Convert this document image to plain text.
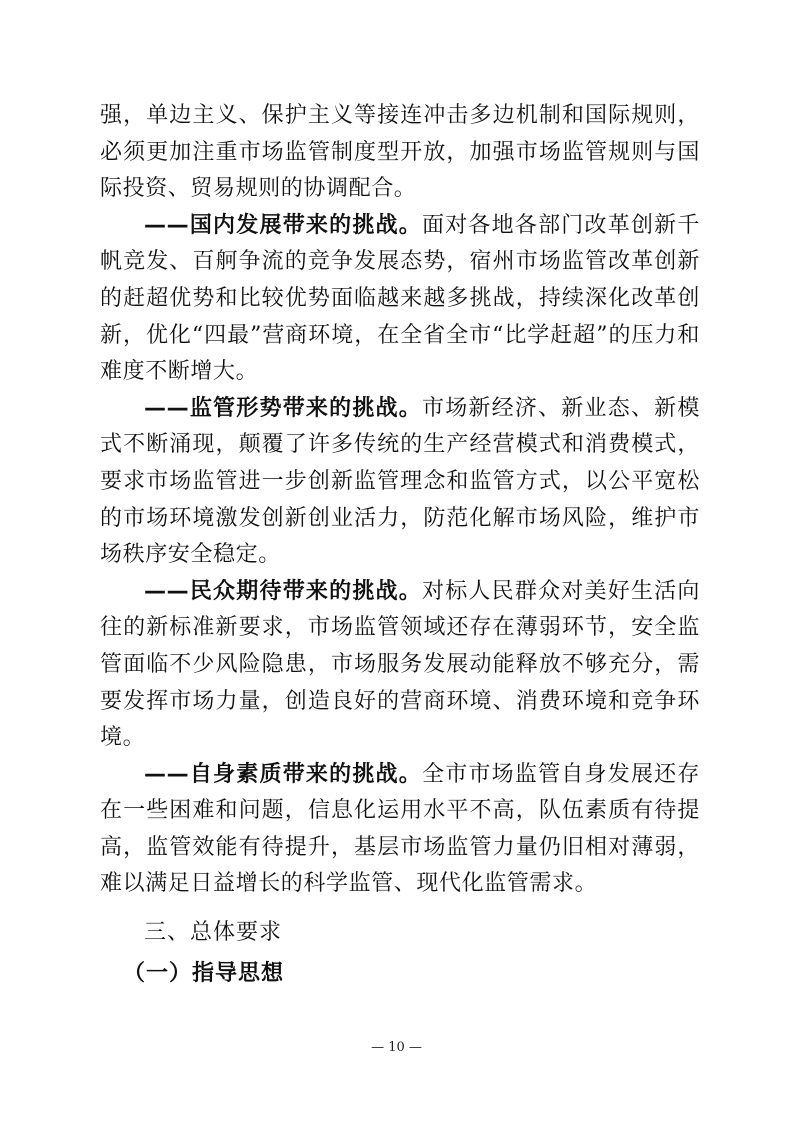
强，单边主义、保护主义等接连冲击多边机制和国际规则，必须更加注重市场监管制度型开放，加强市场监管规则与国际投资、贸易规则的协调配合。

——国内发展带来的挑战。面对各地各部门改革创新千帆竞发、百舸争流的竞争发展态势，宿州市场监管改革创新的赶超优势和比较优势面临越来越多挑战，持续深化改革创新，优化“四最”营商环境，在全省全市“比学赶超”的压力和难度不断增大。

——监管形势带来的挑战。市场新经济、新业态、新模式不断涌现，颠覆了许多传统的生产经营模式和消费模式，要求市场监管进一步创新监管理念和监管方式，以公平宽松的市场环境激发创新创业活力，防范化解市场风险，维护市场秩序安全稳定。

——民众期待带来的挑战。对标人民群众对美好生活向往的新标准新要求，市场监管领域还存在薄弱环节，安全监管面临不少风险隐患，市场服务发展动能释放不够充分，需要发挥市场力量，创造良好的营商环境、消费环境和竞争环境。

——自身素质带来的挑战。全市市场监管自身发展还存在一些困难和问题，信息化运用水平不高，队伍素质有待提高，监管效能有待提升，基层市场监管力量仍旧相对薄弱，难以满足日益增长的科学监管、现代化监管需求。

三、总体要求
（一）指导思想
— 10 —
